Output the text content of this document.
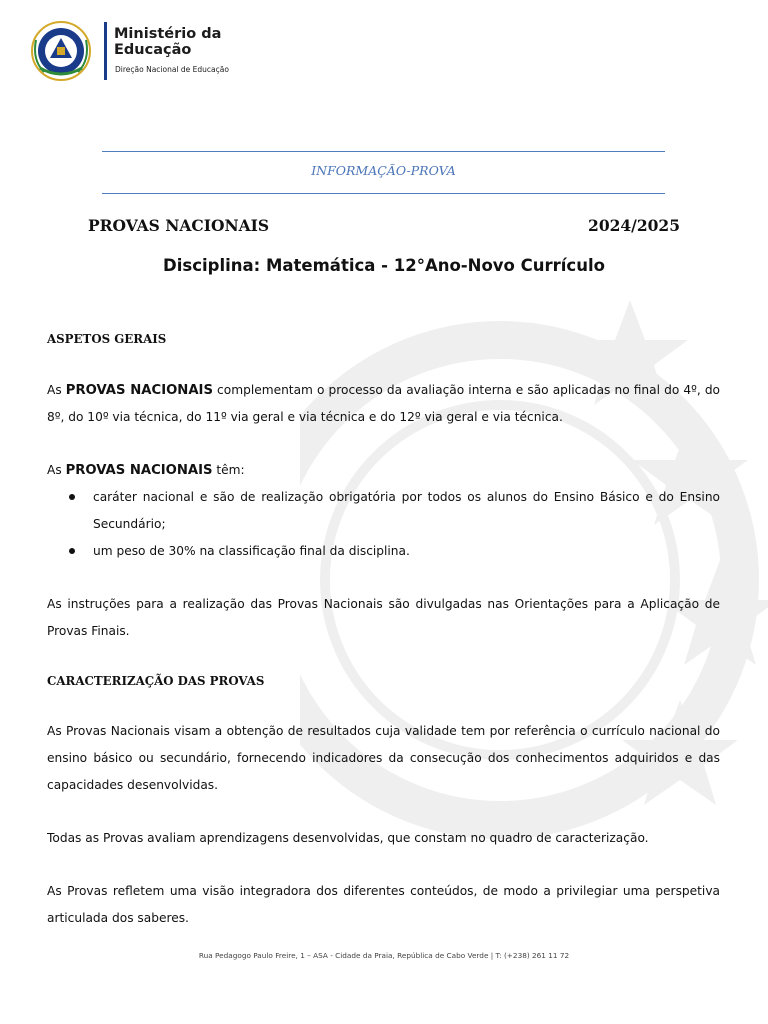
Ministério da Educação
Direção Nacional de Educação
INFORMAÇÃO-PROVA
PROVAS NACIONAIS	2024/2025
Disciplina: Matemática - 12°Ano-Novo Currículo
ASPETOS GERAIS
As PROVAS NACIONAIS complementam o processo da avaliação interna e são aplicadas no final do 4º, do 8º, do 10º via técnica, do 11º via geral e via técnica e do 12º via geral e via técnica.
As PROVAS NACIONAIS têm:
caráter nacional e são de realização obrigatória por todos os alunos do Ensino Básico e do Ensino Secundário;
um peso de 30% na classificação final da disciplina.
As instruções para a realização das Provas Nacionais são divulgadas nas Orientações para a Aplicação de Provas Finais.
CARACTERIZAÇÃO DAS PROVAS
As Provas Nacionais visam a obtenção de resultados cuja validade tem por referência o currículo nacional do ensino básico ou secundário, fornecendo indicadores da consecução dos conhecimentos adquiridos e das capacidades desenvolvidas.
Todas as Provas avaliam aprendizagens desenvolvidas, que constam no quadro de caracterização.
As Provas refletem uma visão integradora dos diferentes conteúdos, de modo a privilegiar uma perspetiva articulada dos saberes.
Rua Pedagogo Paulo Freire, 1 – ASA - Cidade da Praia, República de Cabo Verde | T: (+238) 261 11 72
